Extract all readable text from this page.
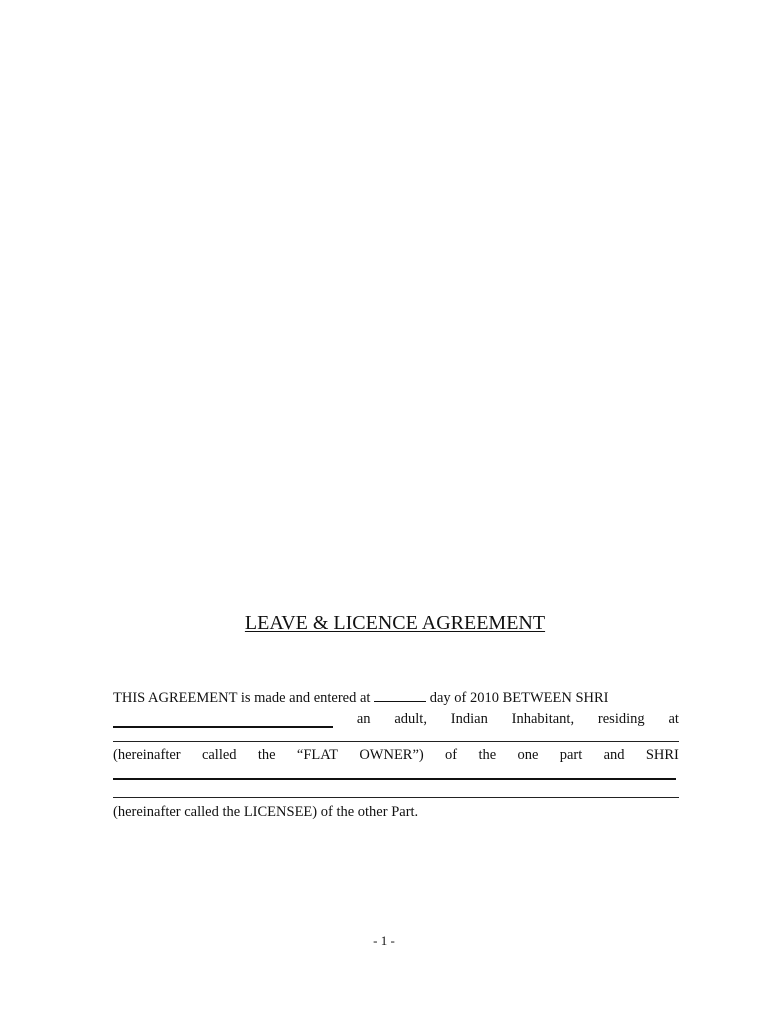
LEAVE & LICENCE AGREEMENT
THIS AGREEMENT is made and entered at	day of 2010 BETWEEN SHRI
an adult, Indian Inhabitant, residing at
(hereinafter called the “FLAT OWNER”) of the one part and SHRI
(hereinafter called the LICENSEE) of the other Part.
- 1 -
